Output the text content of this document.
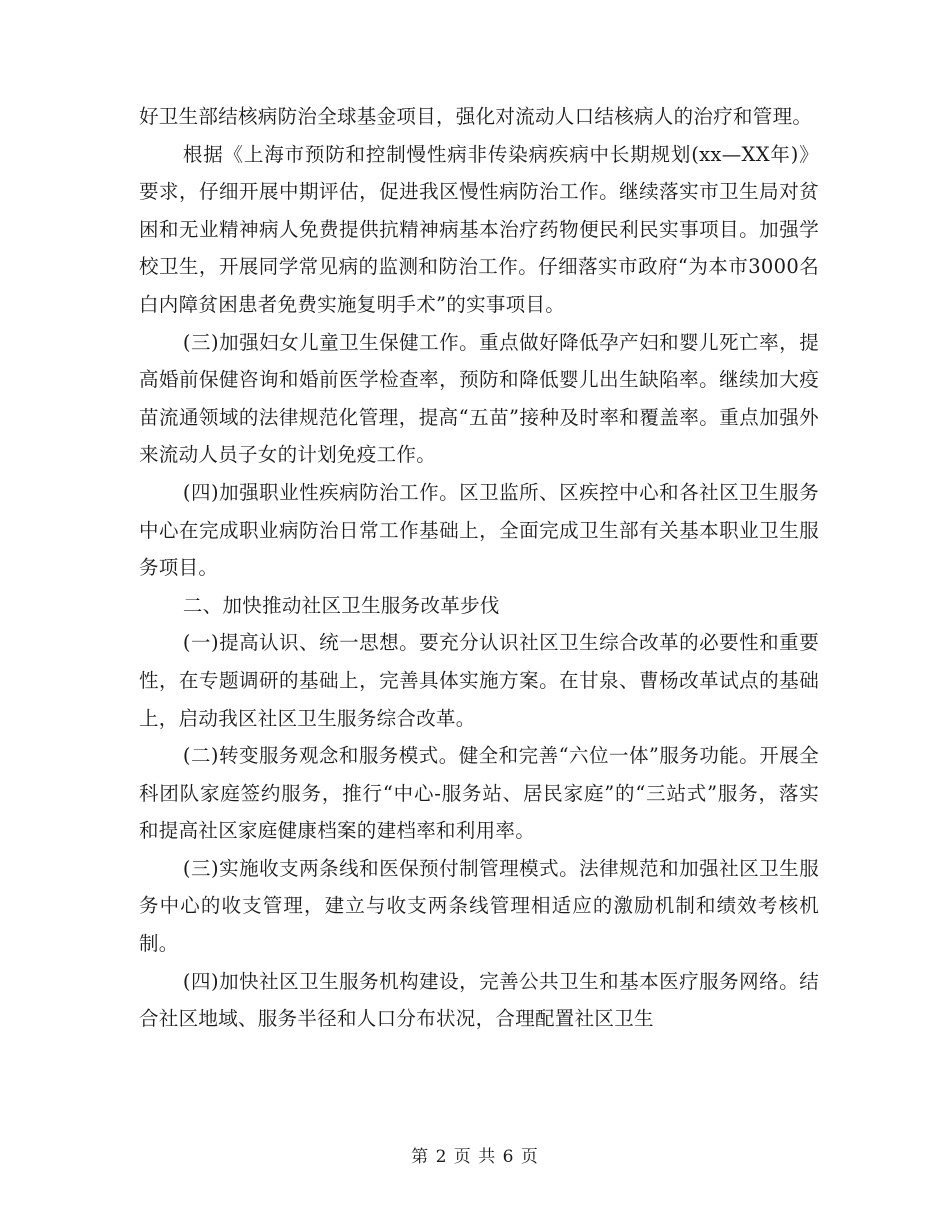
好卫生部结核病防治全球基金项目，强化对流动人口结核病人的治疗和管理。

根据《上海市预防和控制慢性病非传染病疾病中长期规划(xx—XX年)》要求，仔细开展中期评估，促进我区慢性病防治工作。继续落实市卫生局对贫困和无业精神病人免费提供抗精神病基本治疗药物便民利民实事项目。加强学校卫生，开展同学常见病的监测和防治工作。仔细落实市政府“为本市3000名白内障贫困患者免费实施复明手术”的实事项目。

(三)加强妇女儿童卫生保健工作。重点做好降低孕产妇和婴儿死亡率，提高婚前保健咨询和婚前医学检查率，预防和降低婴儿出生缺陷率。继续加大疫苗流通领域的法律规范化管理，提高“五苗”接种及时率和覆盖率。重点加强外来流动人员子女的计划免疫工作。

(四)加强职业性疾病防治工作。区卫监所、区疾控中心和各社区卫生服务中心在完成职业病防治日常工作基础上，全面完成卫生部有关基本职业卫生服务项目。

二、加快推动社区卫生服务改革步伐

(一)提高认识、统一思想。要充分认识社区卫生综合改革的必要性和重要性，在专题调研的基础上，完善具体实施方案。在甘泉、曹杨改革试点的基础上，启动我区社区卫生服务综合改革。

(二)转变服务观念和服务模式。健全和完善“六位一体”服务功能。开展全科团队家庭签约服务，推行“中心-服务站、居民家庭”的“三站式”服务，落实和提高社区家庭健康档案的建档率和利用率。

(三)实施收支两条线和医保预付制管理模式。法律规范和加强社区卫生服务中心的收支管理，建立与收支两条线管理相适应的激励机制和绩效考核机制。

(四)加快社区卫生服务机构建设，完善公共卫生和基本医疗服务网络。结合社区地域、服务半径和人口分布状况，合理配置社区卫生

第 2 页 共 6 页
